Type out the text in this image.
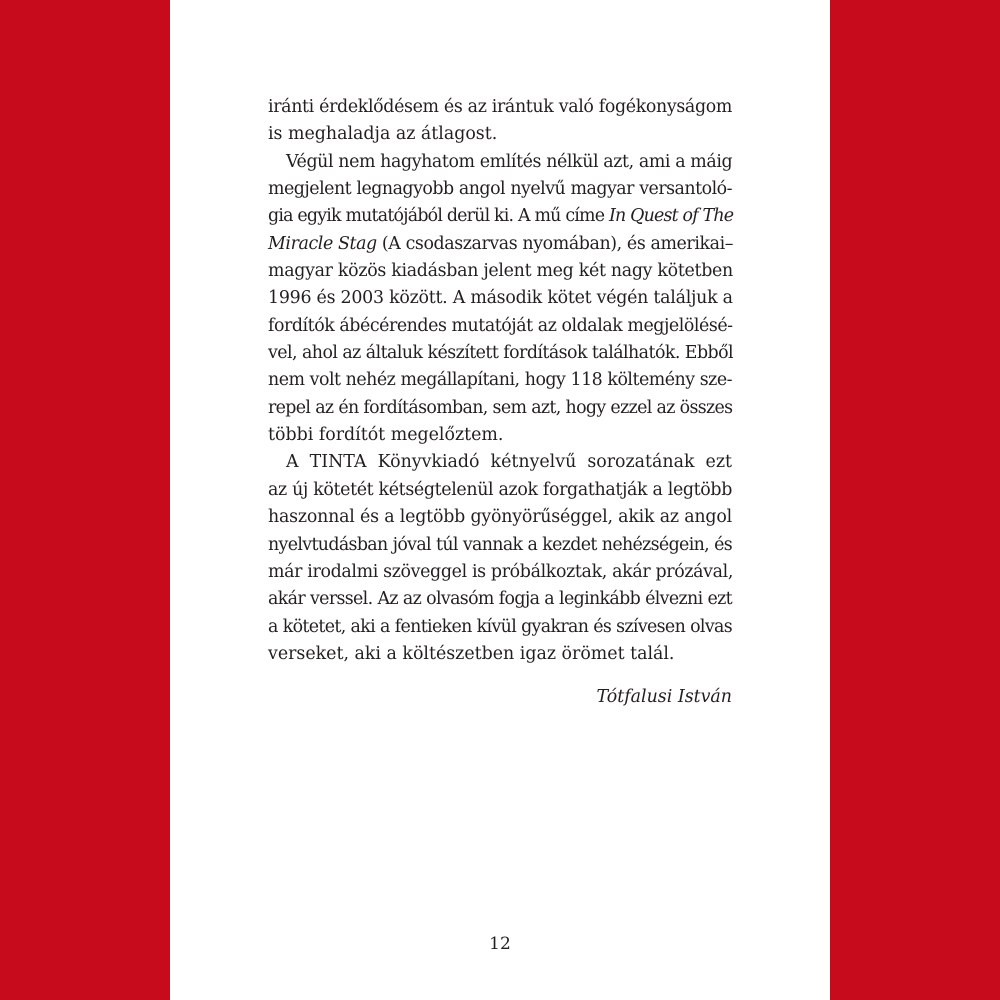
iránti érdeklődésem és az irántuk való fogékonyságom
is meghaladja az átlagost.
Végül nem hagyhatom említés nélkül azt, ami a máig
megjelent legnagyobb angol nyelvű magyar versantoló-
gia egyik mutatójából derül ki. A mű címe In Quest of The
Miracle Stag (A csodaszarvas nyomában), és amerikai–
magyar közös kiadásban jelent meg két nagy kötetben
1996 és 2003 között. A második kötet végén találjuk a
fordítók ábécérendes mutatóját az oldalak megjelölésé-
vel, ahol az általuk készített fordítások találhatók. Ebből
nem volt nehéz megállapítani, hogy 118 költemény sze-
repel az én fordításomban, sem azt, hogy ezzel az összes
többi fordítót megelőztem.
A TINTA Könyvkiadó kétnyelvű sorozatának ezt
az új kötetét kétségtelenül azok forgathatják a legtöbb
haszonnal és a legtöbb gyönyörűséggel, akik az angol
nyelvtudásban jóval túl vannak a kezdet nehézségein, és
már irodalmi szöveggel is próbálkoztak, akár prózával,
akár verssel. Az az olvasóm fogja a leginkább élvezni ezt
a kötetet, aki a fentieken kívül gyakran és szívesen olvas
verseket, aki a költészetben igaz örömet talál.
Tótfalusi István
12
